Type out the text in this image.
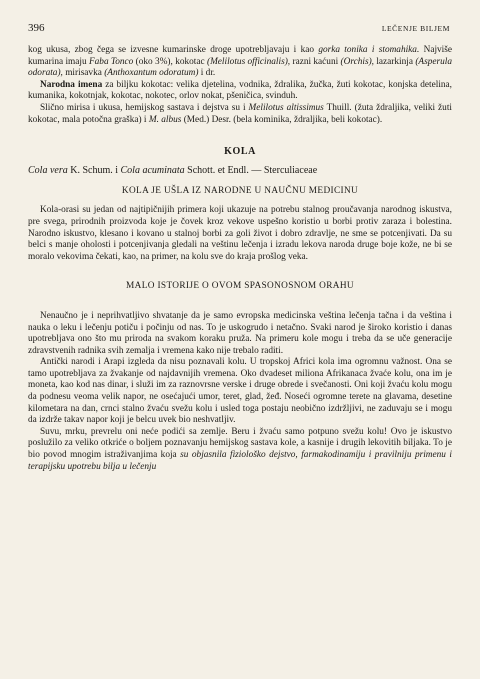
396	LEČENJE BILJEM

kog ukusa, zbog čega se izvesne kumarinske droge upotrebljavaju i kao gorka tonika i stomahika. Najviše kumarina imaju Faba Tonco (oko 3%), kokotac (Melilotus officinalis), razni kaćuni (Orchis), lazarkinja (Asperula odorata), mirisavka (Anthoxantum odoratum) i dr.

Narodna imena za biljku kokotac: velika djetelina, vodnika, ždralika, žučka, žuti kokotac, konjska detelina, kumanika, kokotnjak, kokotac, nokotec, orlov nokat, pšeničica, svinduh.

Slično mirisa i ukusa, hemijskog sastava i dejstva su i Melilotus altissimus Thuill. (žuta ždraljika, veliki žuti kokotac, mala potočna graška) i M. albus (Med.) Desr. (bela kominika, ždraljika, beli kokotac).

KOLA

Cola vera K. Schum. i Cola acuminata Schott. et Endl. — Sterculiaceae

KOLA JE UŠLA IZ NARODNE U NAUČNU MEDICINU

Kola-orasi su jedan od najtipičnijih primera koji ukazuje na potrebu stalnog proučavanja narodnog iskustva, pre svega, prirodnih proizvoda koje je čovek kroz vekove uspešno koristio u borbi protiv zaraza i bolestina. Narodno iskustvo, klesano i kovano u stalnoj borbi za goli život i dobro zdravlje, ne sme se potcenjivati. Da su belci s manje oholosti i potcenjivanja gledali na veštinu lečenja i izradu lekova naroda druge boje kože, ne bi se moralo vekovima čekati, kao, na primer, na kolu sve do kraja prošlog veka.

MALO ISTORIJE O OVOM SPASONOSNOM ORAHU

Nenaučno je i neprihvatljivo shvatanje da je samo evropska medicinska veština lečenja tačna i da veština i nauka o leku i lečenju potiču i počinju od nas. To je uskogrudo i netačno. Svaki narod je široko koristio i danas upotrebljava ono što mu priroda na svakom koraku pruža. Na primeru kole mogu i treba da se uče generacije zdravstvenih radnika svih zemalja i vremena kako nije trebalo raditi.

Antički narodi i Arapi izgleda da nisu poznavali kolu. U tropskoj Africi kola ima ogromnu važnost. Ona se tamo upotrebljava za žvakanje od najdavnijih vremena. Oko dvadeset miliona Afrikanaca žvaće kolu, ona im je moneta, kao kod nas dinar, i služi im za raznovrsne verske i druge obrede i svečanosti. Oni koji žvaću kolu mogu da podnesu veoma velik napor, ne osećajući umor, teret, glad, žeđ. Noseći ogromne terete na glavama, desetine kilometara na dan, crnci stalno žvaću svežu kolu i usled toga postaju neobično izdržljivi, ne zaduvaju se i mogu da izdrže takav napor koji je belcu uvek bio neshvatljiv.

Suvu, mrku, prevrelu oni neće podići sa zemlje. Beru i žvaću samo potpuno svežu kolu! Ovo je iskustvo poslužilo za veliko otkriće o boljem poznavanju hemijskog sastava kole, a kasnije i drugih lekovitih biljaka. To je bio povod mnogim istraživanjima koja su objasnila fiziološko dejstvo, farmakodinamiju i pravilniju primenu i terapijsku upotrebu bilja u lečenju
